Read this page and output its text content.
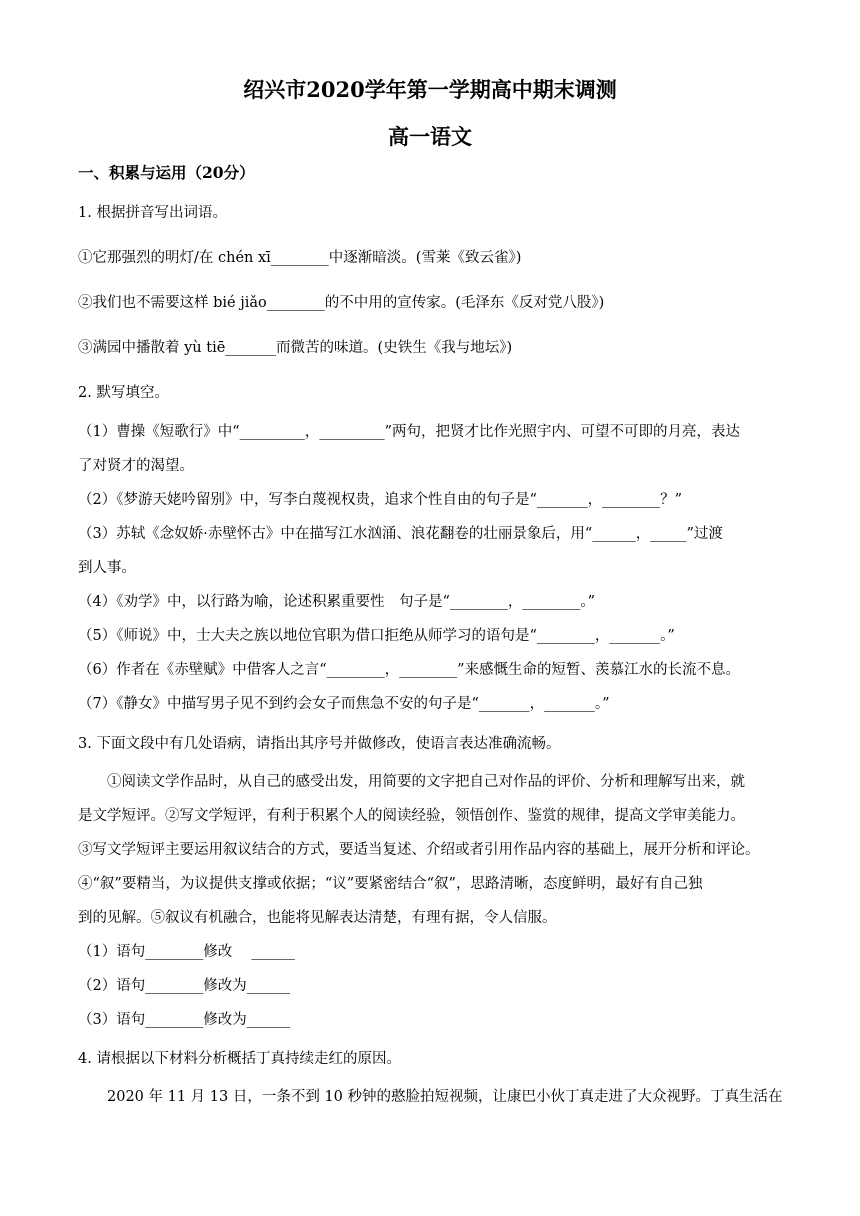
绍兴市2020学年第一学期高中期末调测
高一语文
一、积累与运用（20分）
1. 根据拼音写出词语。
①它那强烈的明灯/在 chén xī________中逐渐暗淡。(雪莱《致云雀》)
②我们也不需要这样 bié jiǎo________的不中用的宣传家。(毛泽东《反对党八股》)
③满园中播散着 yù tiē_______而微苦的味道。(史铁生《我与地坛》)
2. 默写填空。
（1）曹操《短歌行》中“_________，_________”两句，把贤才比作光照宇内、可望不可即的月亮，表达
了对贤才的渴望。
（2）《梦游天姥吟留别》中，写李白蔑视权贵，追求个性自由的句子是“_______，________？”
（3）苏轼《念奴娇·赤壁怀古》中在描写江水汹涌、浪花翻卷的壮丽景象后，用“______，_____”过渡
到人事。
（4）《劝学》中，以行路为喻，论述积累重要性　句子是“________，________。”
（5）《师说》中，士大夫之族以地位官职为借口拒绝从师学习的语句是“________，_______。”
（6）作者在《赤壁赋》中借客人之言“________，________”来感慨生命的短暂、羡慕江水的长流不息。
（7）《静女》中描写男子见不到约会女子而焦急不安的句子是“_______，_______。”
3. 下面文段中有几处语病，请指出其序号并做修改，使语言表达准确流畅。
①阅读文学作品时，从自己的感受出发，用简要的文字把自己对作品的评价、分析和理解写出来，就
是文学短评。②写文学短评，有利于积累个人的阅读经验，领悟创作、鉴赏的规律，提高文学审美能力。
③写文学短评主要运用叙议结合的方式，要适当复述、介绍或者引用作品内容的基础上，展开分析和评论。
④“叙”要精当，为议提供支撑或依据；“议”要紧密结合“叙”，思路清晰，态度鲜明，最好有自己独
到的见解。⑤叙议有机融合，也能将见解表达清楚，有理有据，令人信服。
（1）语句________修改　 ______
（2）语句________修改为______
（3）语句________修改为______
4. 请根据以下材料分析概括丁真持续走红的原因。
2020 年 11 月 13 日，一条不到 10 秒钟的憨脸拍短视频，让康巴小伙丁真走进了大众视野。丁真生活在
